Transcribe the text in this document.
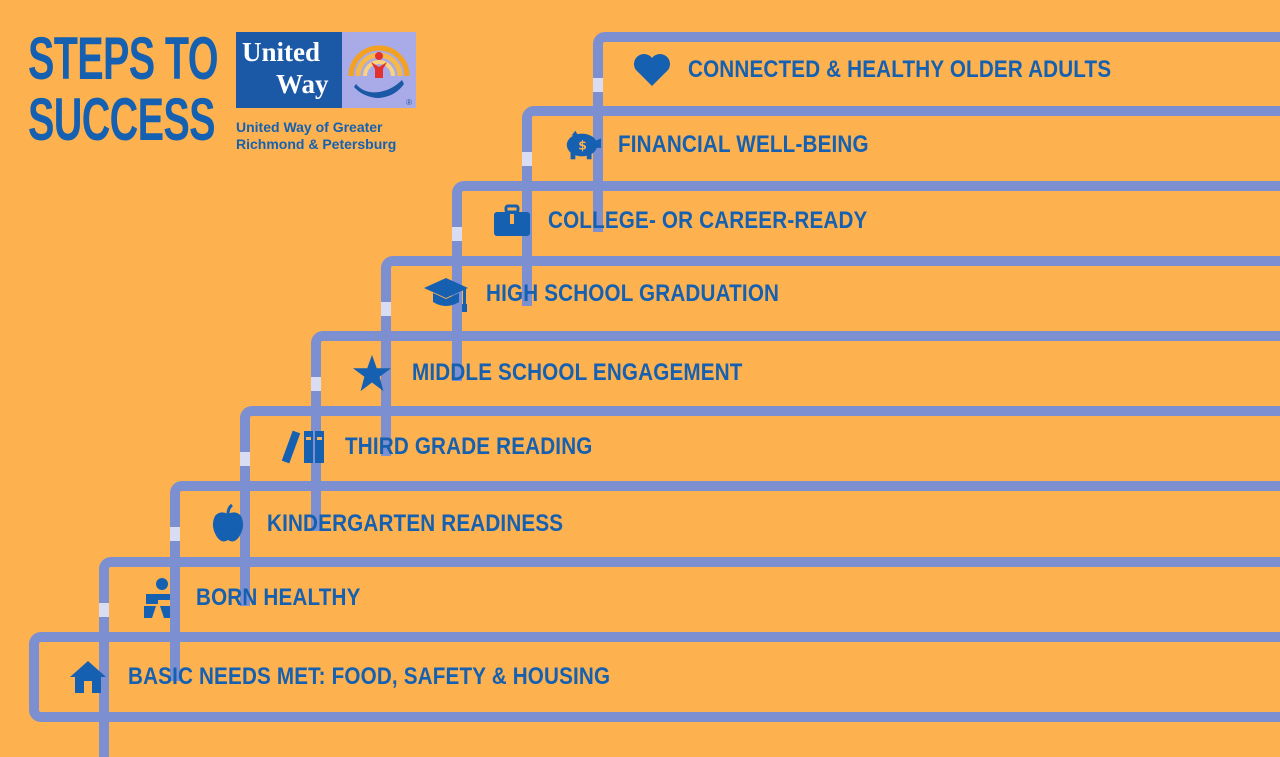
STEPS TO
SUCCESS
United
Way
®
United Way of Greater
Richmond & Petersburg
CONNECTED & HEALTHY OLDER ADULTS
$ FINANCIAL WELL-BEING
COLLEGE- OR CAREER-READY
HIGH SCHOOL GRADUATION
MIDDLE SCHOOL ENGAGEMENT
THIRD GRADE READING
KINDERGARTEN READINESS
BORN HEALTHY
BASIC NEEDS MET: FOOD, SAFETY & HOUSING
